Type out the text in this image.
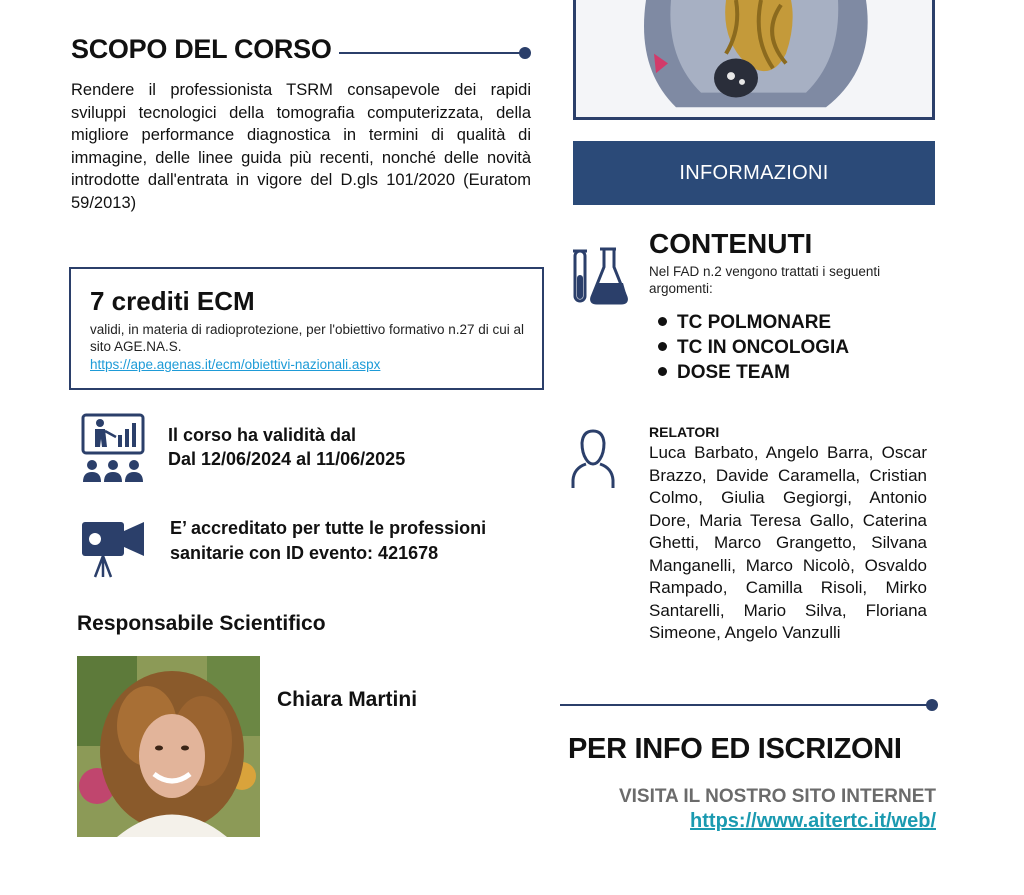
SCOPO DEL CORSO

Rendere il professionista TSRM consapevole dei rapidi sviluppi tecnologici della tomografia computerizzata, della migliore performance diagnostica in termini di qualità di immagine, delle linee guida più recenti, nonché delle novità introdotte dall'entrata in vigore del D.gls 101/2020 (Euratom 59/2013)

7 crediti ECM
validi, in materia di radioprotezione, per l'obiettivo formativo n.27 di cui al sito AGE.NA.S.
https://ape.agenas.it/ecm/obiettivi-nazionali.aspx
Il corso ha validità dal
Dal 12/06/2024 al 11/06/2025
E’ accreditato per tutte le professioni
sanitarie con ID evento: 421678
Responsabile Scientifico
Chiara Martini
INFORMAZIONI
CONTENUTI
Nel FAD n.2 vengono trattati i seguenti argomenti:
TC POLMONARE
TC IN ONCOLOGIA
DOSE TEAM
RELATORI

Luca Barbato, Angelo Barra, Oscar Brazzo, Davide Caramella, Cristian Colmo, Giulia Gegiorgi, Antonio Dore, Maria Teresa Gallo, Caterina Ghetti, Marco Grangetto, Silvana Manganelli, Marco Nicolò, Osvaldo Rampado, Camilla Risoli, Mirko Santarelli, Mario Silva, Floriana Simeone, Angelo Vanzulli

PER INFO ED ISCRIZONI
VISITA IL NOSTRO SITO INTERNET
https://www.aitertc.it/web/
